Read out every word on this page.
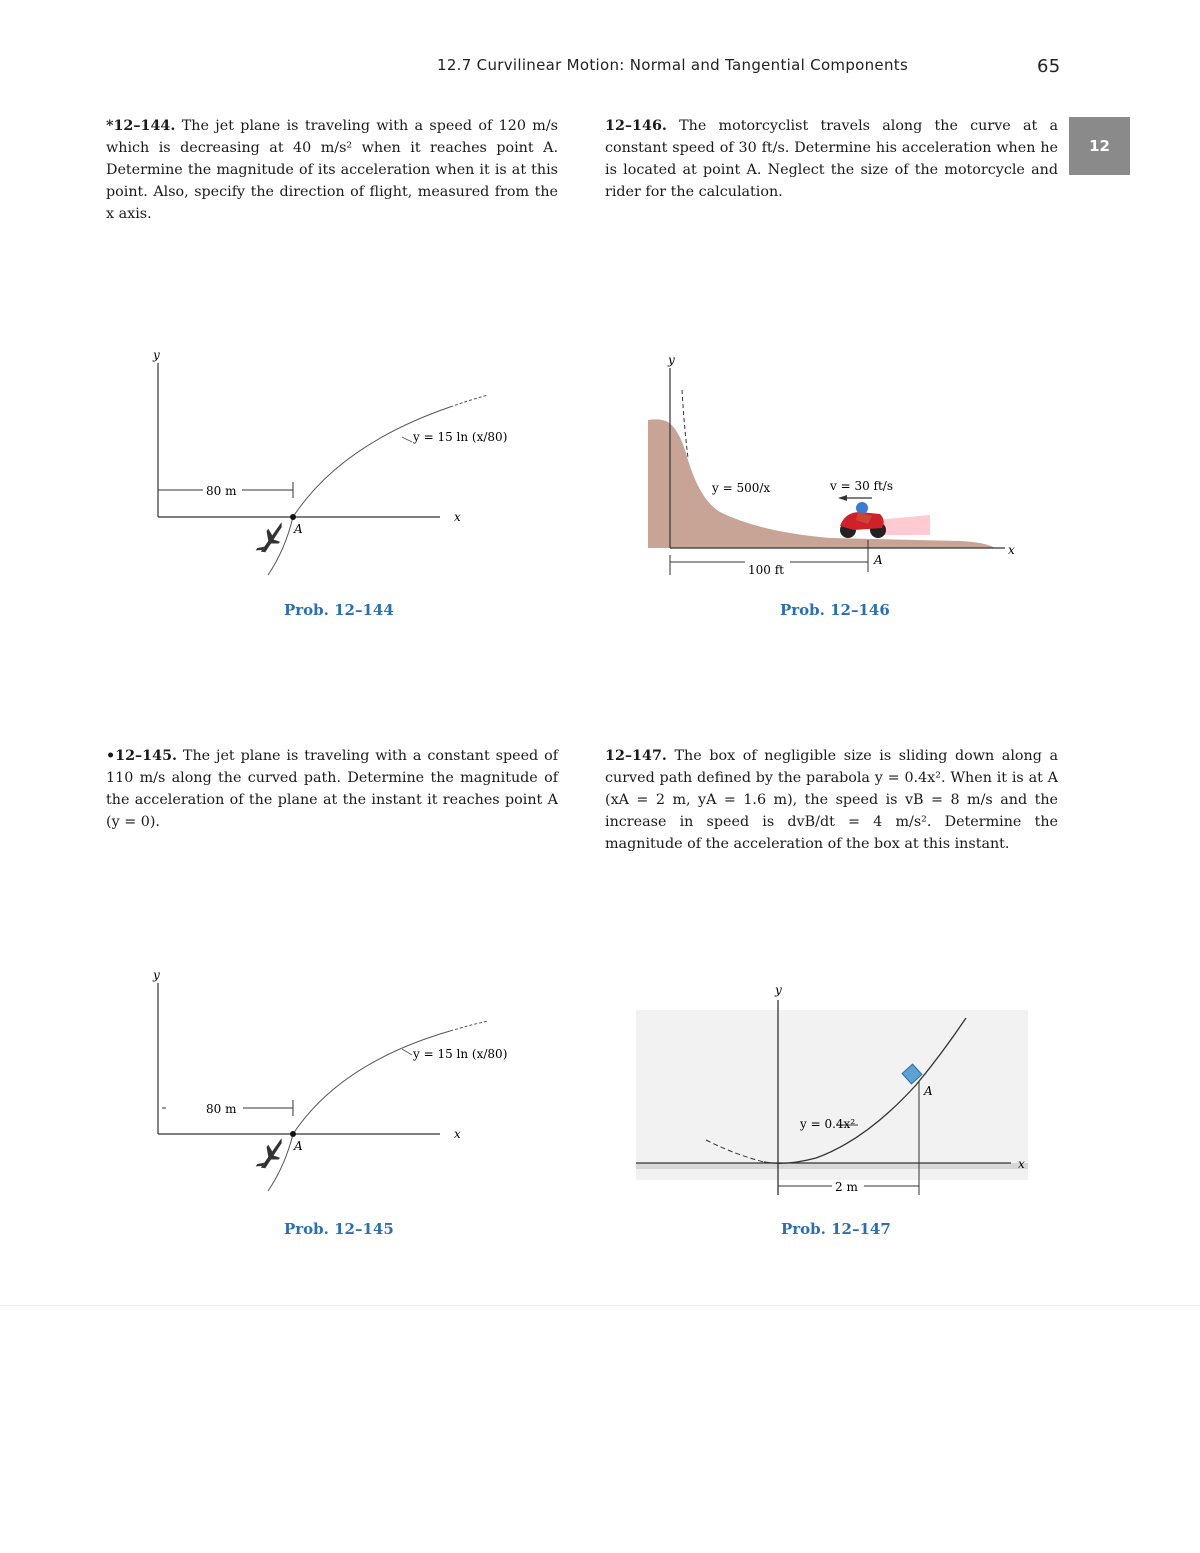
12.7 Curvilinear Motion: Normal and Tangential Components	65
12
*12–144. The jet plane is traveling with a speed of 120 m/s which is decreasing at 40 m/s² when it reaches point A. Determine the magnitude of its acceleration when it is at this point. Also, specify the direction of flight, measured from the x axis.
12–146. The motorcyclist travels along the curve at a constant speed of 30 ft/s. Determine his acceleration when he is located at point A. Neglect the size of the motorcycle and rider for the calculation.
•12–145. The jet plane is traveling with a constant speed of 110 m/s along the curved path. Determine the magnitude of the acceleration of the plane at the instant it reaches point A (y = 0).
12–147. The box of negligible size is sliding down along a curved path defined by the parabola y = 0.4x². When it is at A (xA = 2 m, yA = 1.6 m), the speed is vB = 8 m/s and the increase in speed is dvB/dt = 4 m/s². Determine the magnitude of the acceleration of the box at this instant.
y
x
A
80 m
y = 15 ln (x/80)
Prob. 12–144
y
x
y = 500/x	v = 30 ft/s
100 ft
A
Prob. 12–146
y
x
A
80 m
y = 15 ln (x/80)
Prob. 12–145
y
x
y = 0.4x²
A
2 m
Prob. 12–147
